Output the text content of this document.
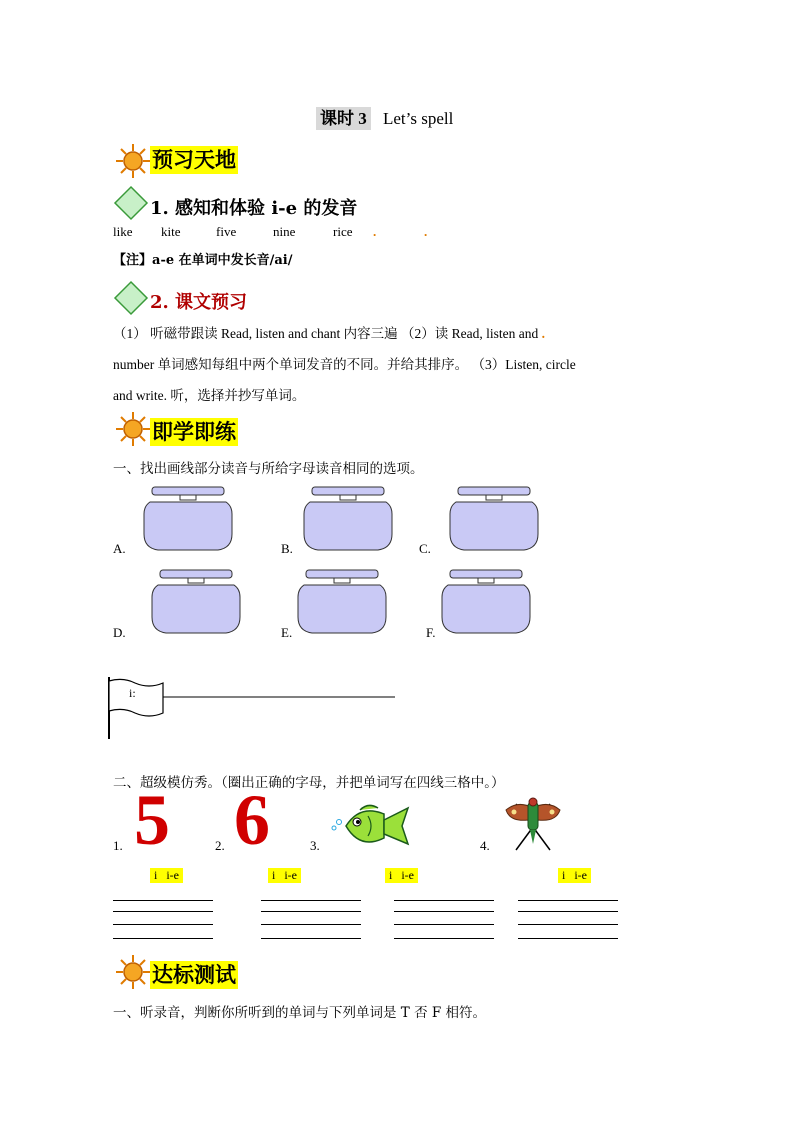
课时 3 Let’s spell
预习天地
1. 感知和体验 i-e 的发音
like kite	five	nine	rice .	.
【注】a-e 在单词中发长音/ai/
2. 课文预习
（1） 听磁带跟读 Read, listen and chant 内容三遍 （2）读 Read, listen and .
number 单词感知每组中两个单词发音的不同。并给其排序。 （3）Listen, circle
and write. 听，选择并抄写单词。
即学即练
一、找出画线部分读音与所给字母读音相同的选项。
A.	B.	C.
D.	E.	F.
i:
二、超级模仿秀。（圈出正确的字母，并把单词写在四线三格中。）
1. 5	2. 6	3.	4.
i i-e	i i-e	i i-e	i i-e
达标测试
一、听录音，判断你所听到的单词与下列单词是 T 否 F 相符。
